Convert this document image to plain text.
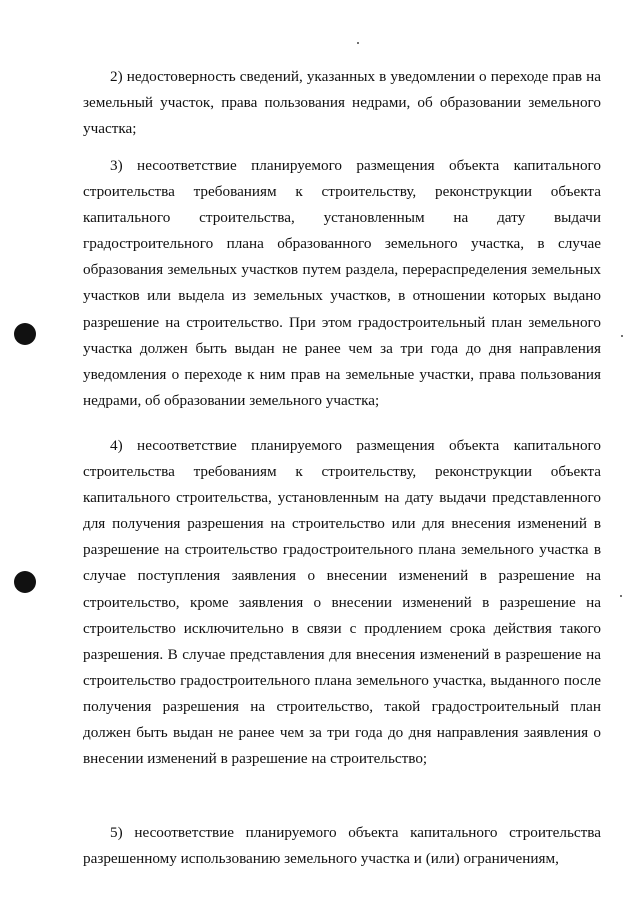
2) недостоверность сведений, указанных в уведомлении о переходе прав на земельный участок, права пользования недрами, об образовании земельного участка;

3) несоответствие планируемого размещения объекта капитального строительства требованиям к строительству, реконструкции объекта капитального строительства, установленным на дату выдачи градостроительного плана образованного земельного участка, в случае образования земельных участков путем раздела, перераспределения земельных участков или выдела из земельных участков, в отношении которых выдано разрешение на строительство. При этом градостроительный план земельного участка должен быть выдан не ранее чем за три года до дня направления уведомления о переходе к ним прав на земельные участки, права пользования недрами, об образовании земельного участка;

4) несоответствие планируемого размещения объекта капитального строительства требованиям к строительству, реконструкции объекта капитального строительства, установленным на дату выдачи представленного для получения разрешения на строительство или для внесения изменений в разрешение на строительство градостроительного плана земельного участка в случае поступления заявления о внесении изменений в разрешение на строительство, кроме заявления о внесении изменений в разрешение на строительство исключительно в связи с продлением срока действия такого разрешения. В случае представления для внесения изменений в разрешение на строительство градостроительного плана земельного участка, выданного после получения разрешения на строительство, такой градостроительный план должен быть выдан не ранее чем за три года до дня направления заявления о внесении изменений в разрешение на строительство;

5) несоответствие планируемого объекта капитального строительства разрешенному использованию земельного участка и (или) ограничениям,
